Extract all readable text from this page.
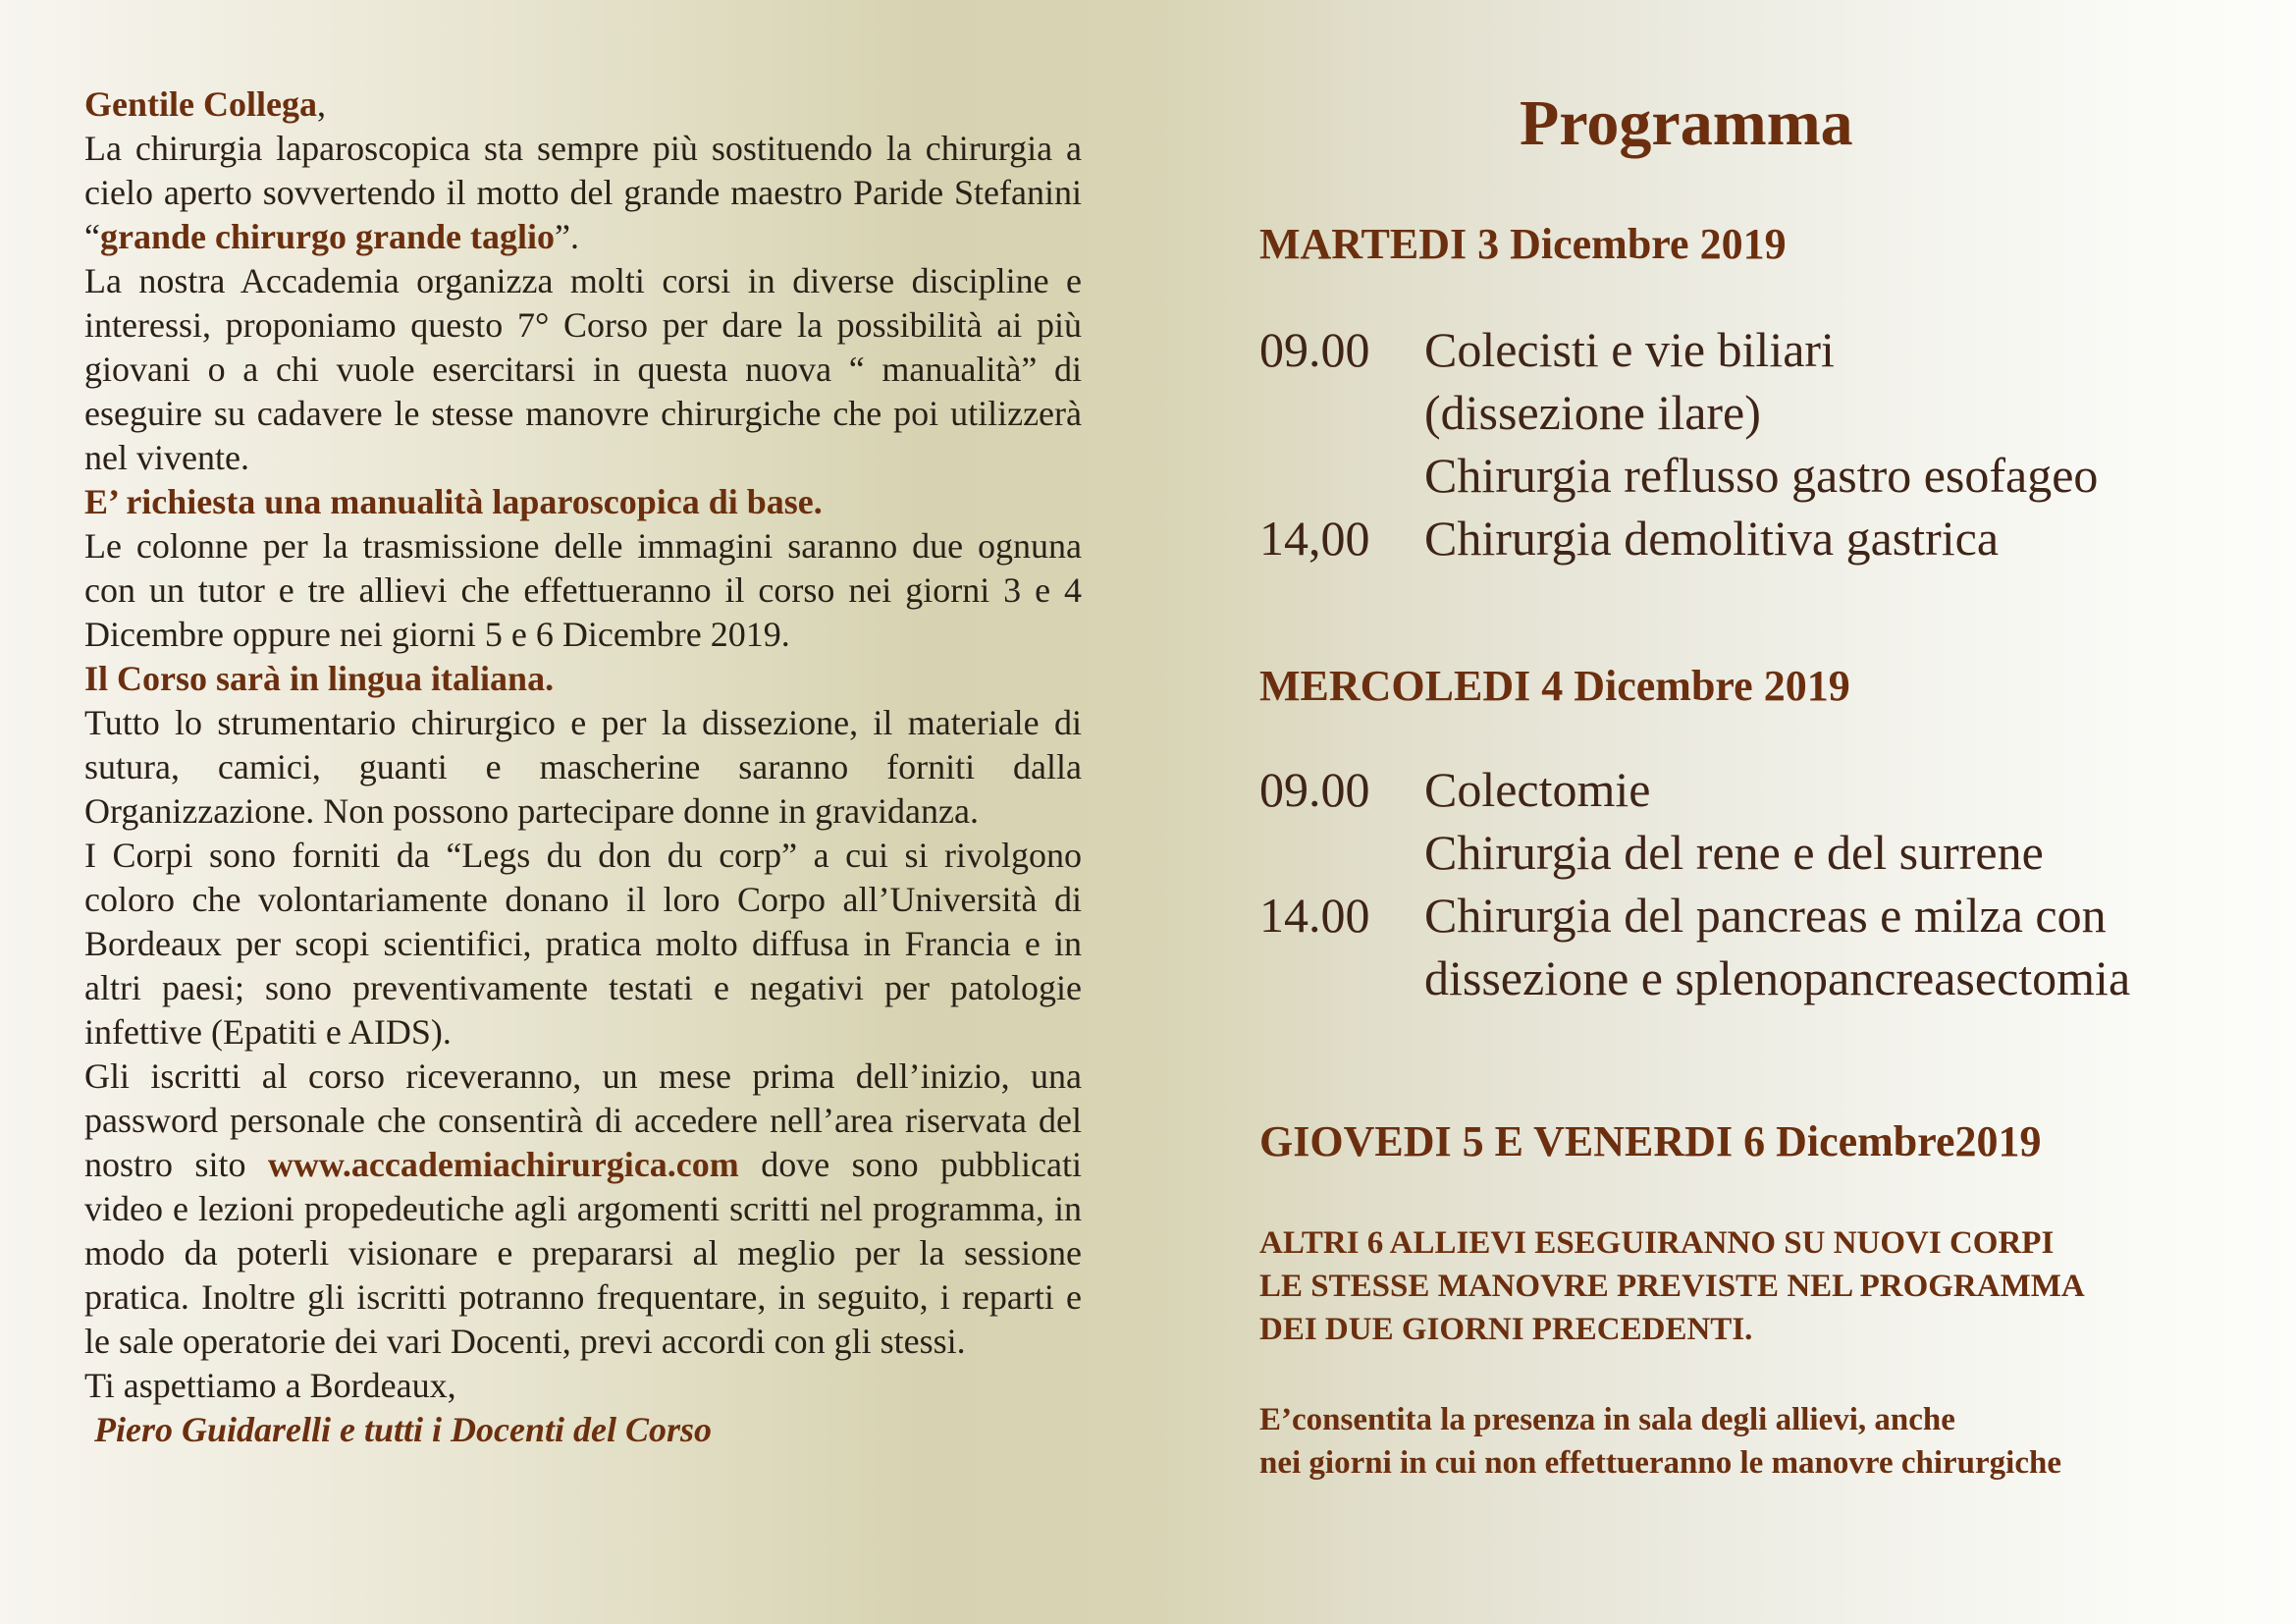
Gentile Collega,

La chirurgia laparoscopica sta sempre più sostituendo la chirurgia a cielo aperto sovvertendo il motto del grande maestro Paride Stefanini “grande chirurgo grande taglio”.

La nostra Accademia organizza molti corsi in diverse discipline e interessi, proponiamo questo 7° Corso per dare la possibilità ai più giovani o a chi vuole esercitarsi in questa nuova “ manualità” di eseguire su cadavere le stesse manovre chirurgiche che poi utilizzerà nel vivente.

E’ richiesta una manualità laparoscopica di base.

Le colonne per la trasmissione delle immagini saranno due ognuna con un tutor e tre allievi che effettueranno il corso nei giorni 3 e 4 Dicembre oppure nei giorni 5 e 6 Dicembre 2019.

Il Corso sarà in lingua italiana.

Tutto lo strumentario chirurgico e per la dissezione, il materiale di sutura, camici, guanti e mascherine saranno forniti dalla Organizzazione. Non possono partecipare donne in gravidanza.

I Corpi sono forniti da “Legs du don du corp” a cui si rivolgono coloro che volontariamente donano il loro Corpo all’Università di Bordeaux per scopi scientifici, pratica molto diffusa in Francia e in altri paesi; sono preventivamente testati e negativi per patologie infettive (Epatiti e AIDS).

Gli iscritti al corso riceveranno, un mese prima dell’inizio, una password personale che consentirà di accedere nell’area riservata del nostro sito www.accademiachirurgica.com dove sono pubblicati video e lezioni propedeutiche agli argomenti scritti nel programma, in modo da poterli visionare e prepararsi al meglio per la sessione pratica. Inoltre gli iscritti potranno frequentare, in seguito, i reparti e le sale operatorie dei vari Docenti, previ accordi con gli stessi.

Ti aspettiamo a Bordeaux,

Piero Guidarelli e tutti i Docenti del Corso

Programma
MARTEDI 3 Dicembre 2019
09.00	Colecisti e vie biliari
(dissezione ilare)
Chirurgia reflusso gastro esofageo
14,00	Chirurgia demolitiva gastrica
MERCOLEDI 4 Dicembre 2019
09.00	Colectomie
Chirurgia del rene e del surrene
14.00	Chirurgia del pancreas e milza con
dissezione e splenopancreasectomia
GIOVEDI 5 E VENERDI 6 Dicembre2019
ALTRI 6 ALLIEVI ESEGUIRANNO SU NUOVI CORPI
LE STESSE MANOVRE PREVISTE NEL PROGRAMMA
DEI DUE GIORNI PRECEDENTI.
E’consentita la presenza in sala degli allievi, anche
nei giorni in cui non effettueranno le manovre chirurgiche
